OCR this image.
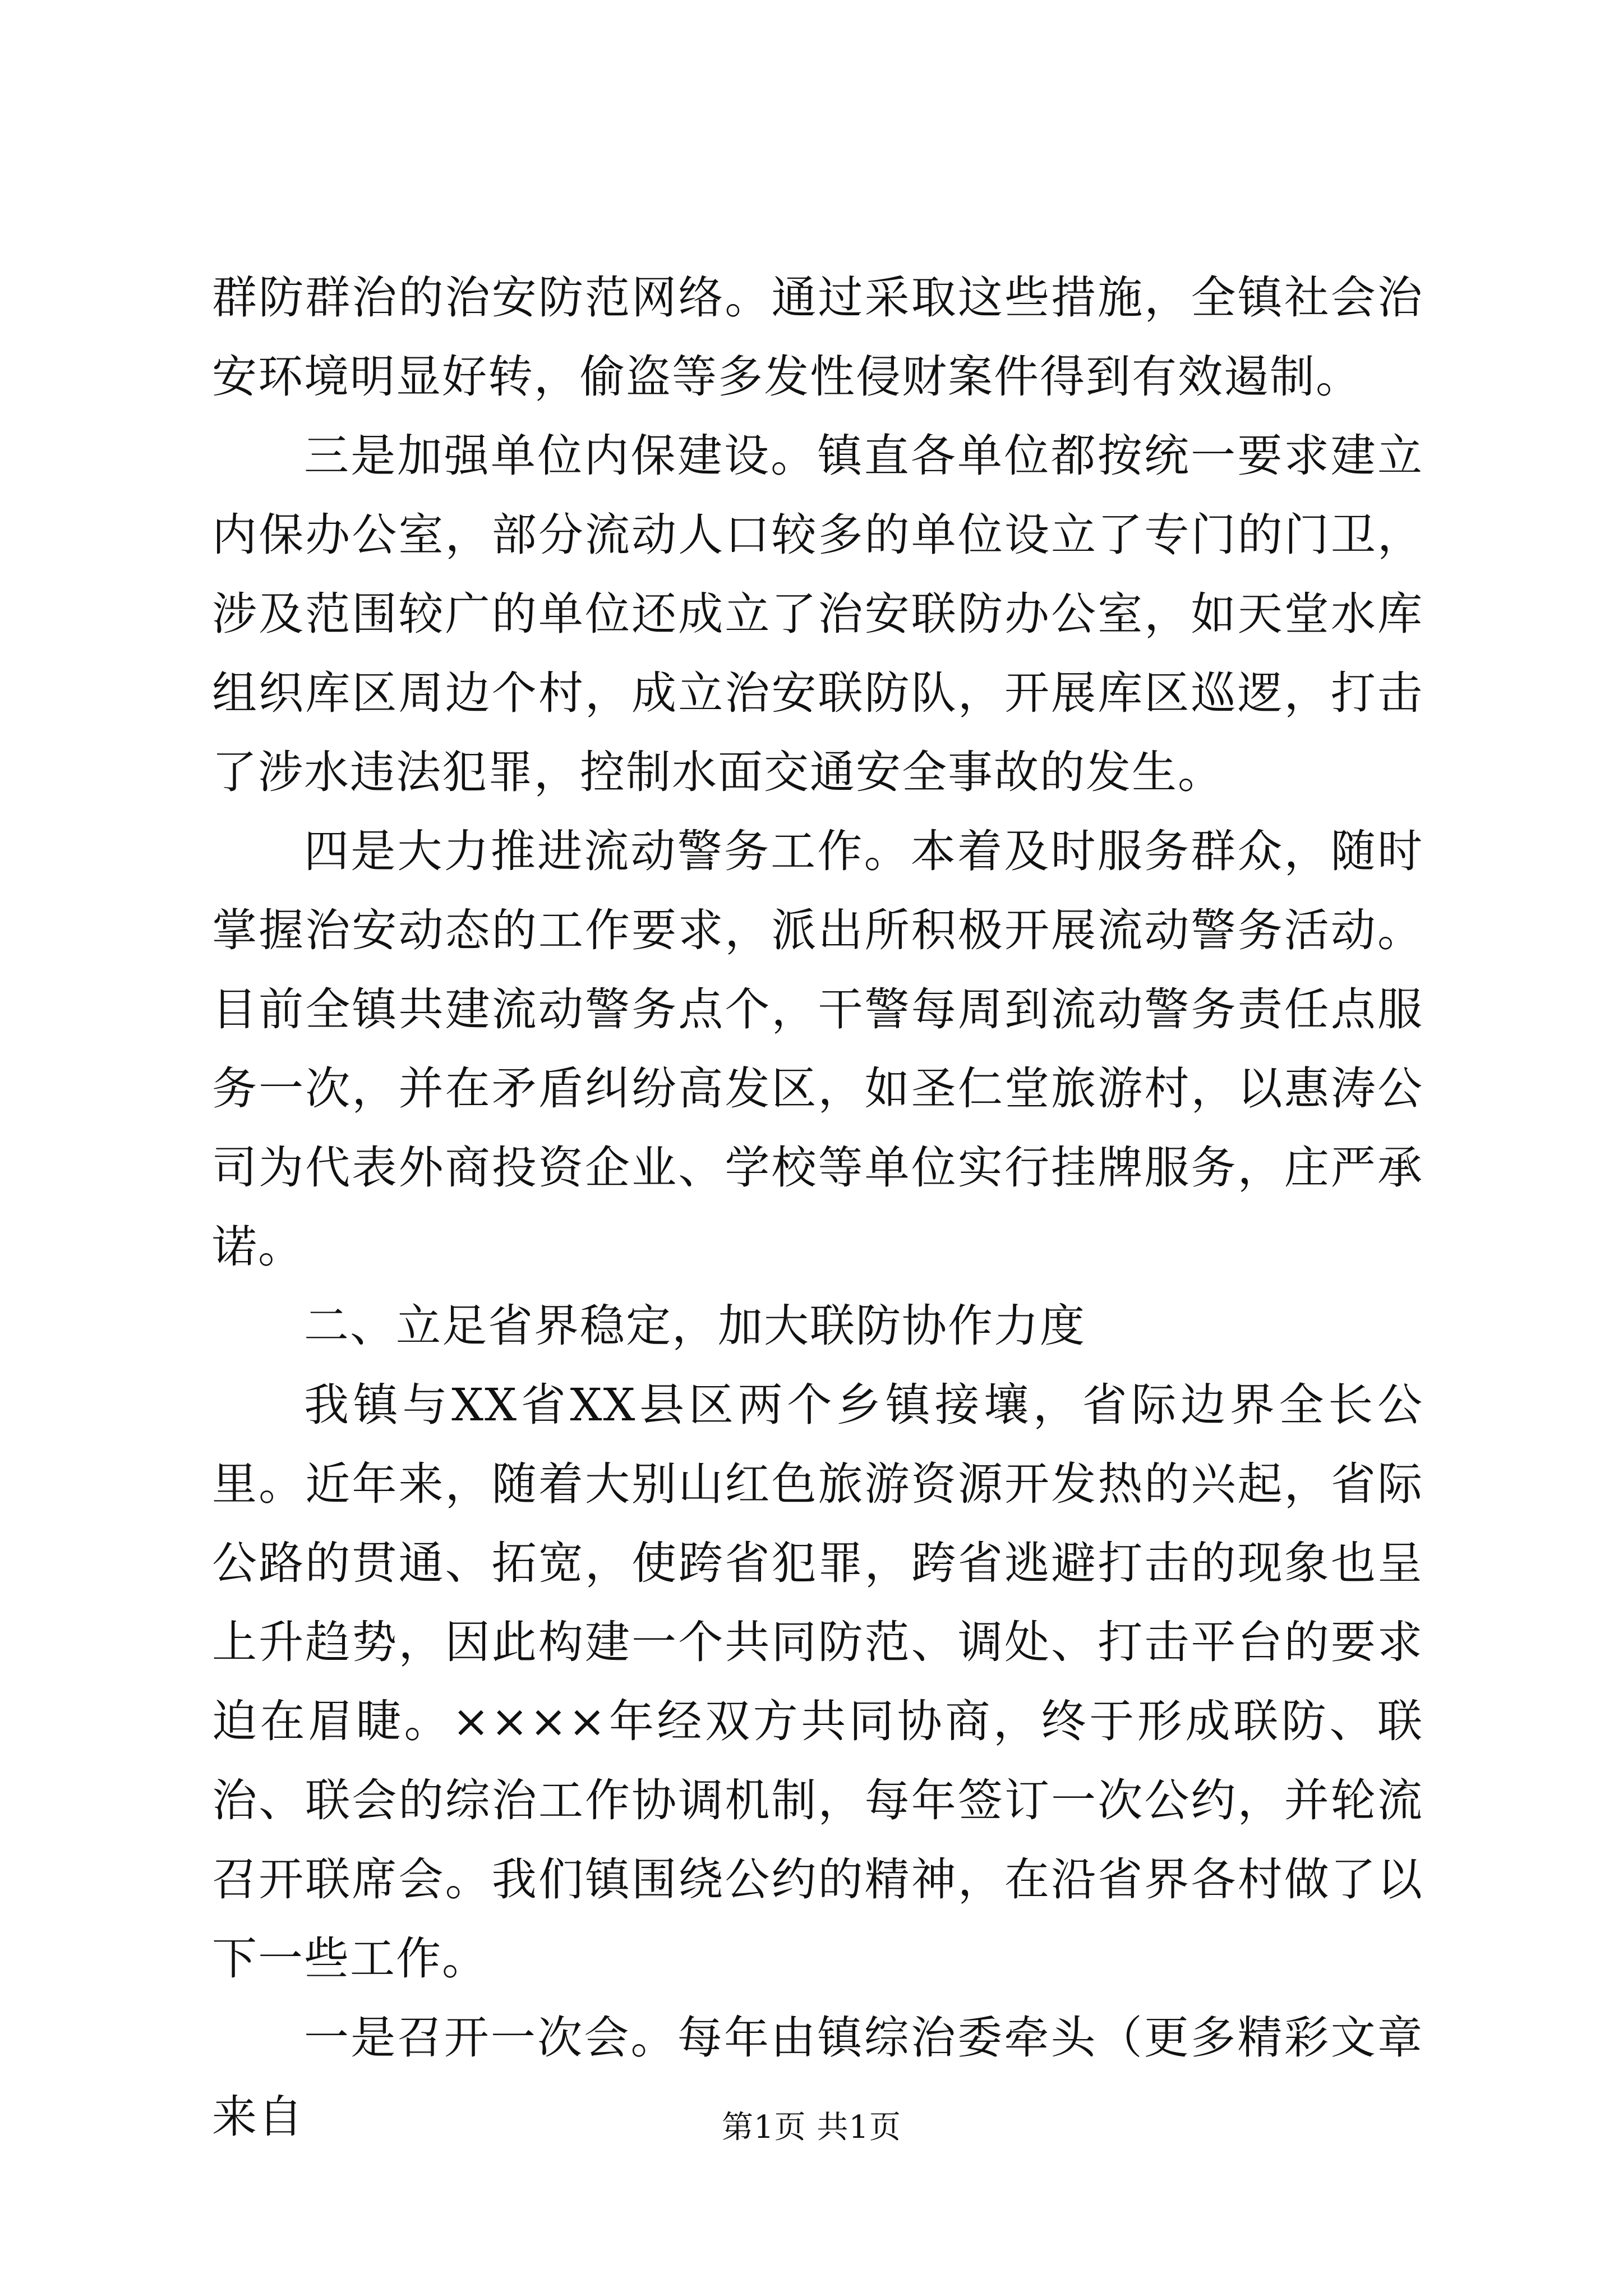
群防群治的治安防范网络。通过采取这些措施，全镇社会治安环境明显好转，偷盗等多发性侵财案件得到有效遏制。

三是加强单位内保建设。镇直各单位都按统一要求建立内保办公室，部分流动人口较多的单位设立了专门的门卫，涉及范围较广的单位还成立了治安联防办公室，如天堂水库组织库区周边个村，成立治安联防队，开展库区巡逻，打击了涉水违法犯罪，控制水面交通安全事故的发生。

四是大力推进流动警务工作。本着及时服务群众，随时掌握治安动态的工作要求，派出所积极开展流动警务活动。目前全镇共建流动警务点个，干警每周到流动警务责任点服务一次，并在矛盾纠纷高发区，如圣仁堂旅游村，以惠涛公司为代表外商投资企业、学校等单位实行挂牌服务，庄严承诺。

二、立足省界稳定，加大联防协作力度

我镇与XX省XX县区两个乡镇接壤，省际边界全长公里。近年来，随着大别山红色旅游资源开发热的兴起，省际公路的贯通、拓宽，使跨省犯罪，跨省逃避打击的现象也呈上升趋势，因此构建一个共同防范、调处、打击平台的要求迫在眉睫。××××年经双方共同协商，终于形成联防、联治、联会的综治工作协调机制，每年签订一次公约，并轮流召开联席会。我们镇围绕公约的精神，在沿省界各村做了以下一些工作。

一是召开一次会。每年由镇综治委牵头（更多精彩文章来自	第1页 共1页
